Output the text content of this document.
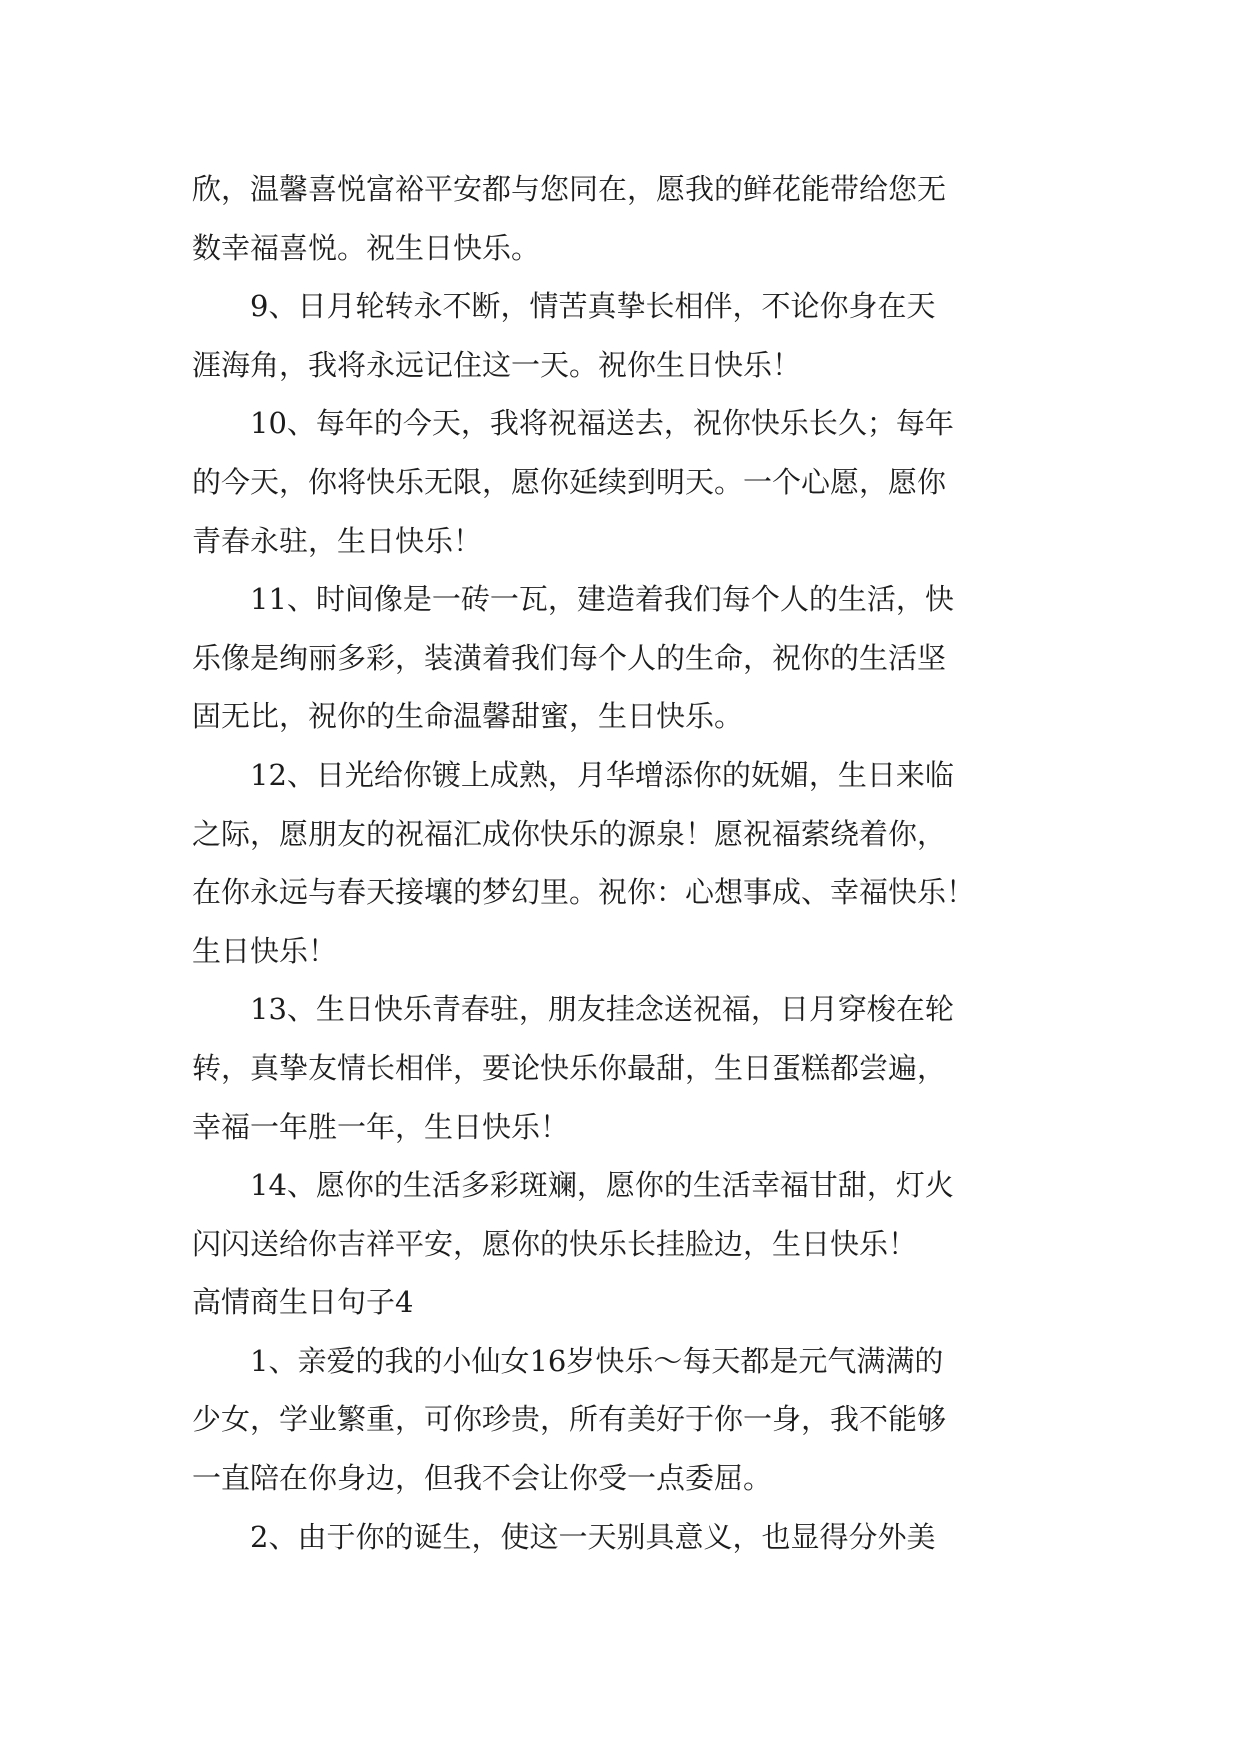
欣，温馨喜悦富裕平安都与您同在，愿我的鲜花能带给您无
数幸福喜悦。祝生日快乐。

9、日月轮转永不断，情苦真挚长相伴，不论你身在天
涯海角，我将永远记住这一天。祝你生日快乐！

10、每年的今天，我将祝福送去，祝你快乐长久；每年
的今天，你将快乐无限，愿你延续到明天。一个心愿，愿你
青春永驻，生日快乐！

11、时间像是一砖一瓦，建造着我们每个人的生活，快
乐像是绚丽多彩，装潢着我们每个人的生命，祝你的生活坚
固无比，祝你的生命温馨甜蜜，生日快乐。

12、日光给你镀上成熟，月华增添你的妩媚，生日来临
之际，愿朋友的祝福汇成你快乐的源泉！愿祝福萦绕着你，
在你永远与春天接壤的梦幻里。祝你：心想事成、幸福快乐！
生日快乐！

13、生日快乐青春驻，朋友挂念送祝福，日月穿梭在轮
转，真挚友情长相伴，要论快乐你最甜，生日蛋糕都尝遍，
幸福一年胜一年，生日快乐！

14、愿你的生活多彩斑斓，愿你的生活幸福甘甜，灯火
闪闪送给你吉祥平安，愿你的快乐长挂脸边，生日快乐！

高情商生日句子4

1、亲爱的我的小仙女16岁快乐～每天都是元气满满的
少女，学业繁重，可你珍贵，所有美好于你一身，我不能够
一直陪在你身边，但我不会让你受一点委屈。

2、由于你的诞生，使这一天别具意义，也显得分外美
